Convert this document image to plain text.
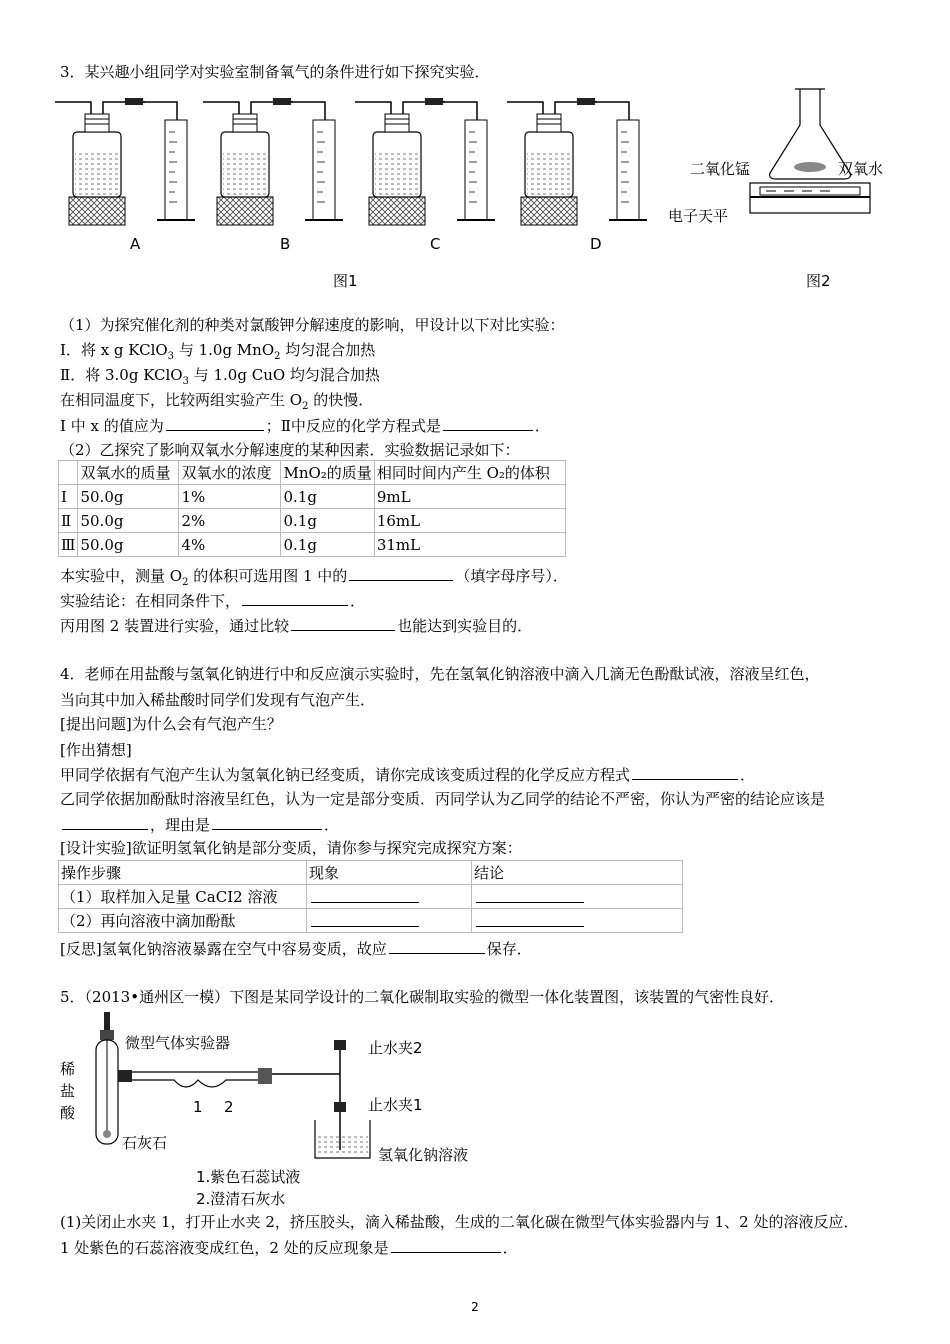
3．某兴趣小组同学对实验室制备氧气的条件进行如下探究实验．
A	B	C	D
图1
二氧化锰	双氧水
电子天平
图2
（1）为探究催化剂的种类对氯酸钾分解速度的影响，甲设计以下对比实验：
Ⅰ．将 x g KClO$_3$ 与 1.0g MnO$_2$ 均匀混合加热
Ⅱ．将 3.0g KClO$_3$ 与 1.0g CuO 均匀混合加热
在相同温度下，比较两组实验产生 $O_2$ 的快慢．
I 中 x 的值应为	；Ⅱ中反应的化学方程式是	．
（2）乙探究了影响双氧水分解速度的某种因素．实验数据记录如下：
	双氧水的质量	双氧水的浓度	MnO₂的质量	相同时间内产生 O₂的体积
Ⅰ	50.0g	1%	0.1g	9mL
Ⅱ	50.0g	2%	0.1g	16mL
Ⅲ	50.0g	4%	0.1g	31mL
本实验中，测量 $O_2$ 的体积可选用图 1 中的	（填字母序号）．
实验结论：在相同条件下，	．
丙用图 2 装置进行实验，通过比较	也能达到实验目的．
4．老师在用盐酸与氢氧化钠进行中和反应演示实验时，先在氢氧化钠溶液中滴入几滴无色酚酞试液，溶液呈红色，
当向其中加入稀盐酸时同学们发现有气泡产生．
[提出问题]为什么会有气泡产生？
[作出猜想]
甲同学依据有气泡产生认为氢氧化钠已经变质，请你完成该变质过程的化学反应方程式	．
乙同学依据加酚酞时溶液呈红色，认为一定是部分变质．丙同学认为乙同学的结论不严密，你认为严密的结论应该是
，理由是	．
[设计实验]欲证明氢氧化钠是部分变质，请你参与探究完成探究方案：
操作步骤	现象	结论
（1）取样加入足量 CaCI2 溶液		
（2）再向溶液中滴加酚酞		
[反思]氢氧化钠溶液暴露在空气中容易变质，故应	保存．
5．（2013•通州区一模）下图是某同学设计的二氧化碳制取实验的微型一体化装置图，该装置的气密性良好．
微型气体实验器
稀
盐
酸
石灰石
止水夹2
止水夹1
氢氧化钠溶液
1 2
1.紫色石蕊试液
2.澄清石灰水
(1)关闭止水夹 1，打开止水夹 2，挤压胶头，滴入稀盐酸，生成的二氧化碳在微型气体实验器内与 1、2 处的溶液反应．
1 处紫色的石蕊溶液变成红色，2 处的反应现象是	．
2
